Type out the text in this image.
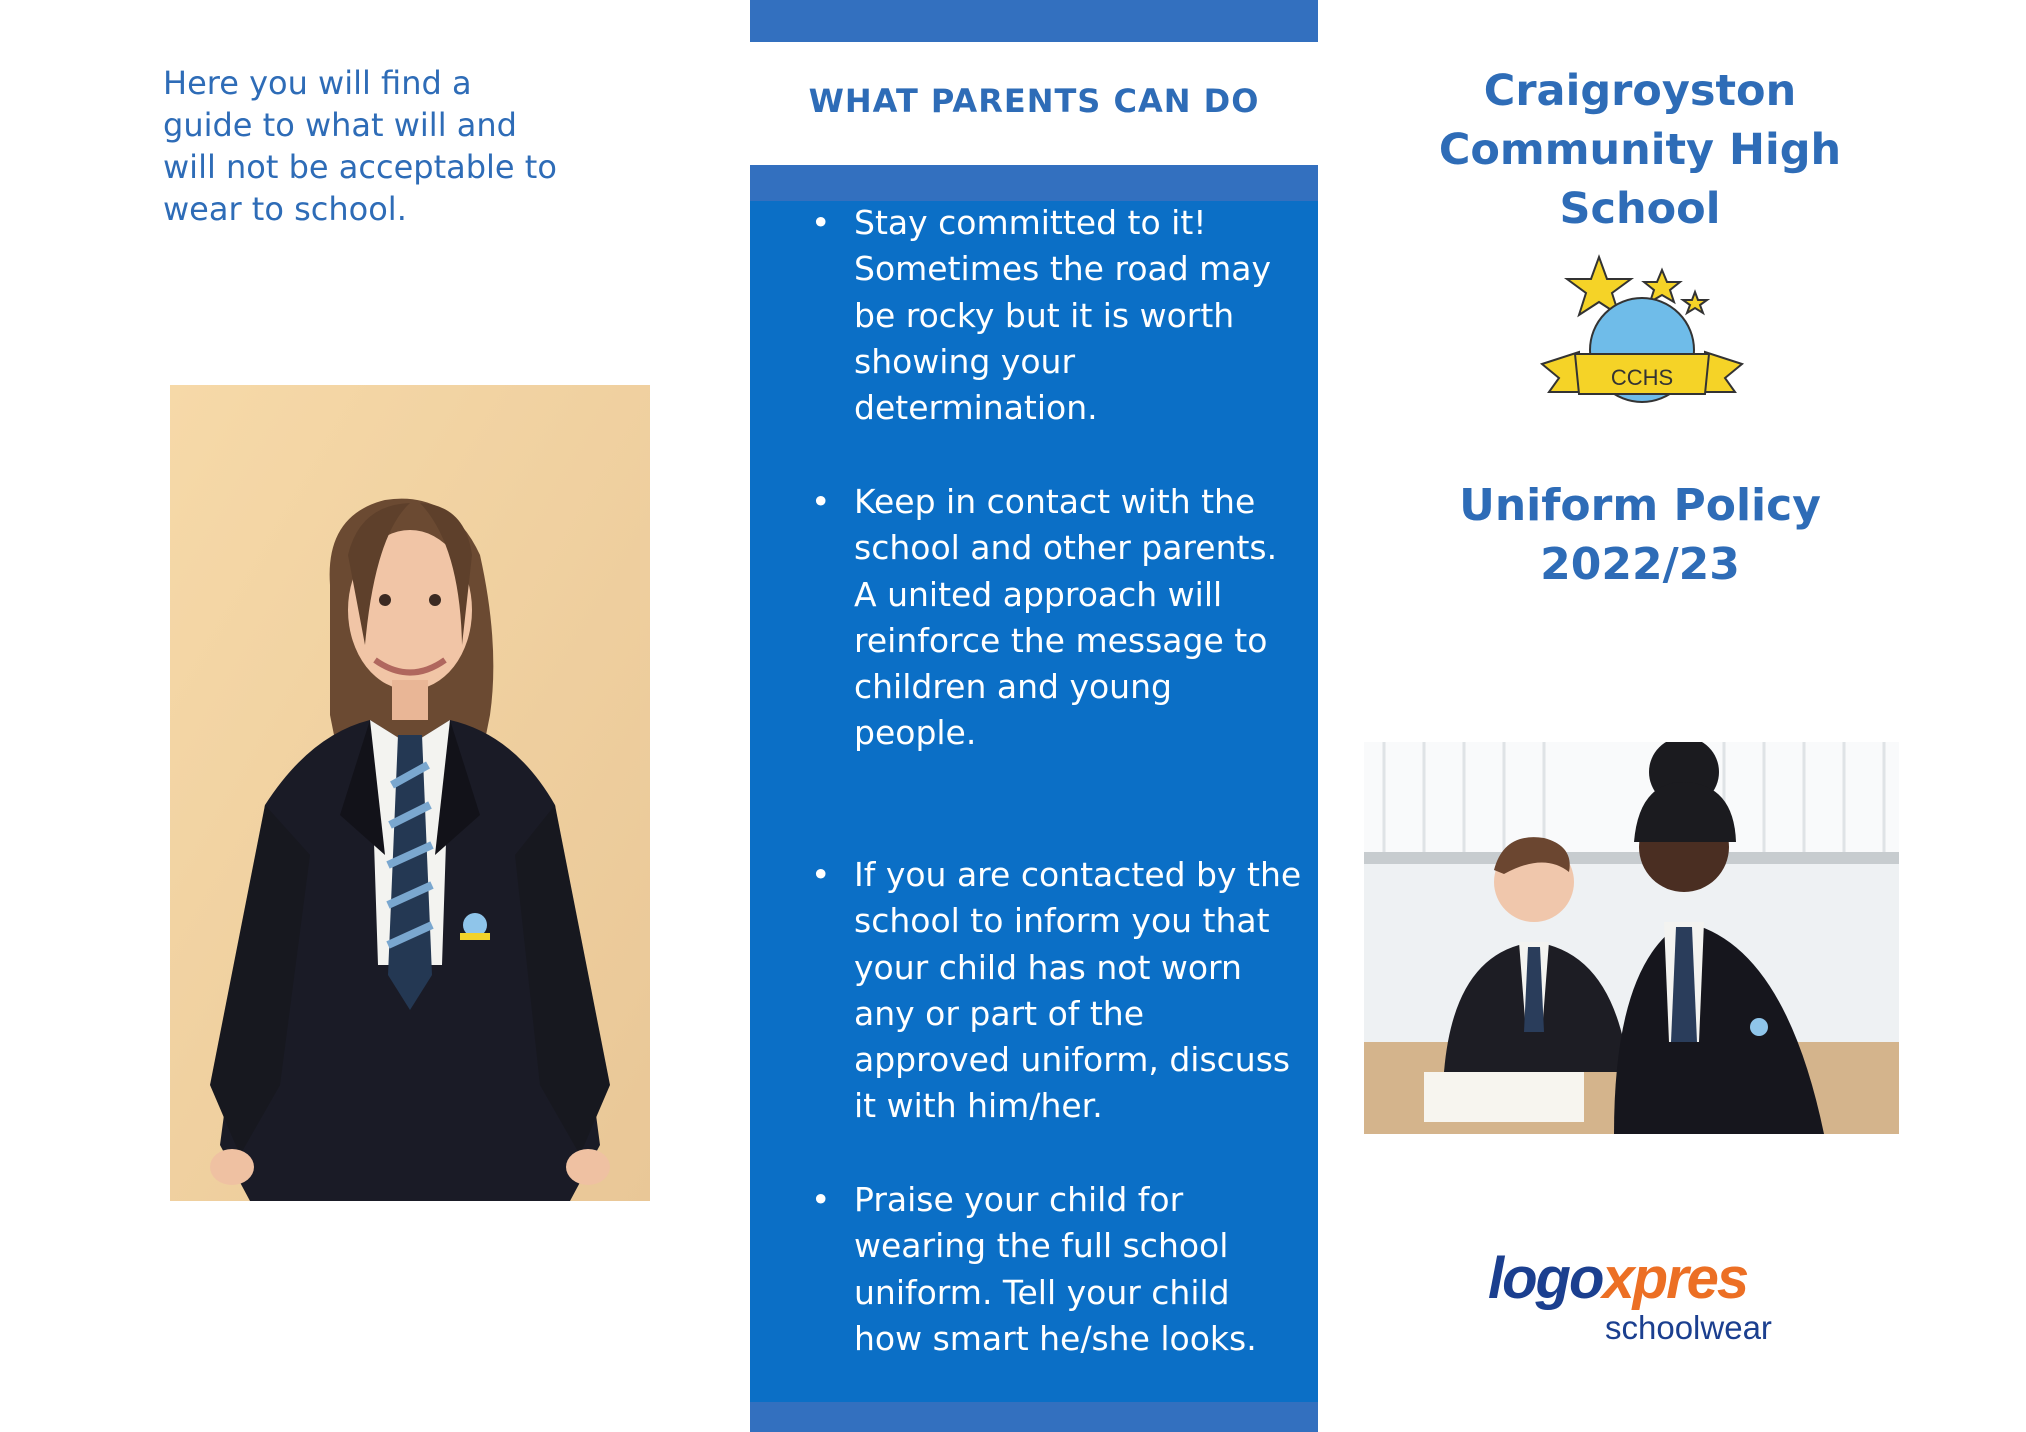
Here you will find a guide to what will and will not be acceptable to wear to school.

WHAT PARENTS CAN DO
• Stay committed to it! Sometimes the road may be rocky but it is worth showing your determination.
• Keep in contact with the school and other parents. A united approach will reinforce the message to children and young people.
• If you are contacted by the school to inform you that your child has not worn any or part of the approved uniform, discuss it with him/her.
• Praise your child for wearing the full school uniform. Tell your child how smart he/she looks.
Craigroyston Community High School
CCHS
Uniform Policy
2022/23
logoxpres
schoolwear
